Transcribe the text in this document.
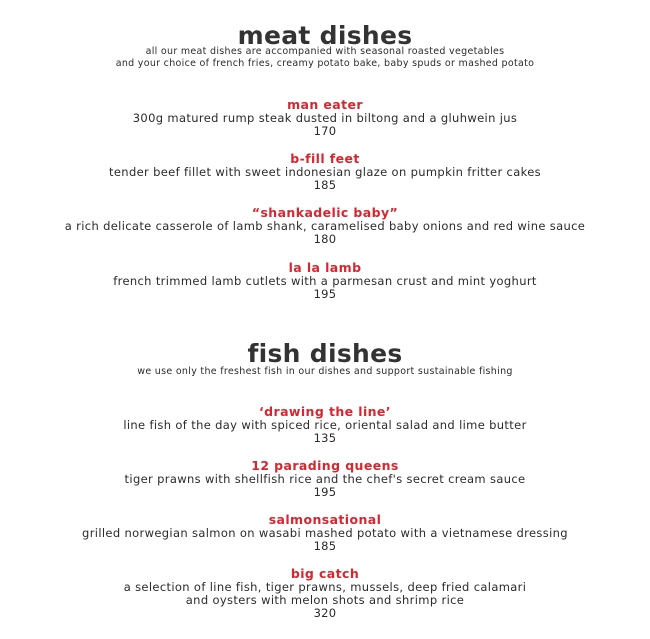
meat dishes
all our meat dishes are accompanied with seasonal roasted vegetables
and your choice of french fries, creamy potato bake, baby spuds or mashed potato
man eater
300g matured rump steak dusted in biltong and a gluhwein jus
170
b-fill feet
tender beef fillet with sweet indonesian glaze on pumpkin fritter cakes
185
“shankadelic baby”
a rich delicate casserole of lamb shank, caramelised baby onions and red wine sauce
180
la la lamb
french trimmed lamb cutlets with a parmesan crust and mint yoghurt
195
fish dishes
we use only the freshest fish in our dishes and support sustainable fishing
‘drawing the line’
line fish of the day with spiced rice, oriental salad and lime butter
135
12 parading queens
tiger prawns with shellfish rice and the chef's secret cream sauce
195
salmonsational
grilled norwegian salmon on wasabi mashed potato with a vietnamese dressing
185
big catch
a selection of line fish, tiger prawns, mussels, deep fried calamari
and oysters with melon shots and shrimp rice
320
